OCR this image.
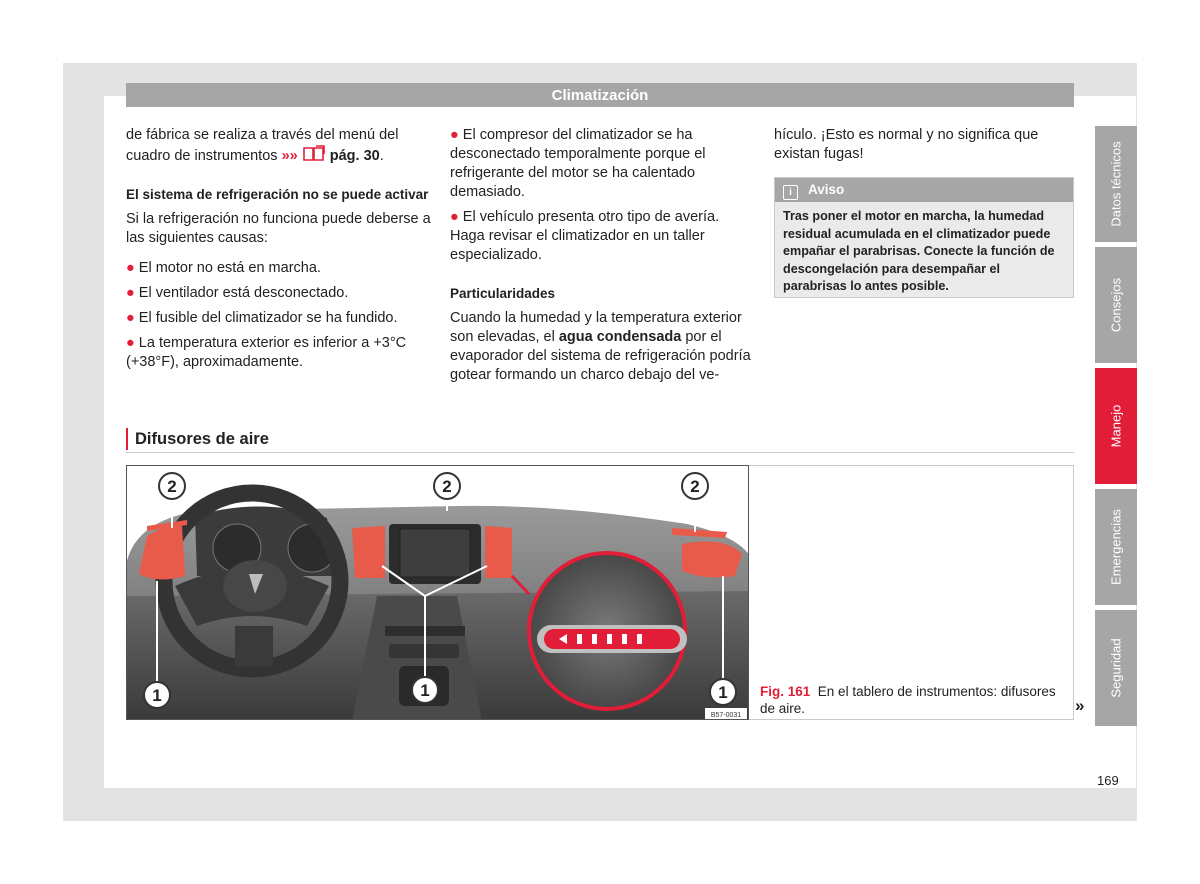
Climatización

de fábrica se realiza a través del menú del cuadro de instrumentos »» pág. 30.

El sistema de refrigeración no se puede activar

Si la refrigeración no funciona puede deberse a las siguientes causas:

● El motor no está en marcha.

● El ventilador está desconectado.

● El fusible del climatizador se ha fundido.

● La temperatura exterior es inferior a +3°C (+38°F), aproximadamente.

● El compresor del climatizador se ha desconectado temporalmente porque el refrigerante del motor se ha calentado demasiado.

● El vehículo presenta otro tipo de avería. Haga revisar el climatizador en un taller especializado.

Particularidades

Cuando la humedad y la temperatura exterior son elevadas, el agua condensada por el evaporador del sistema de refrigeración podría gotear formando un charco debajo del ve-

hículo. ¡Esto es normal y no significa que existan fugas!

i Aviso
Tras poner el motor en marcha, la humedad residual acumulada en el climatizador puede empañar el parabrisas. Conecte la función de descongelación para desempañar el parabrisas lo antes posible.
Difusores de aire
2	2	2
1	1	1
B57-0031
Fig. 161 En el tablero de instrumentos: difusores de aire.	»
Datos técnicos
Consejos
Manejo
Emergencias
Seguridad
169
